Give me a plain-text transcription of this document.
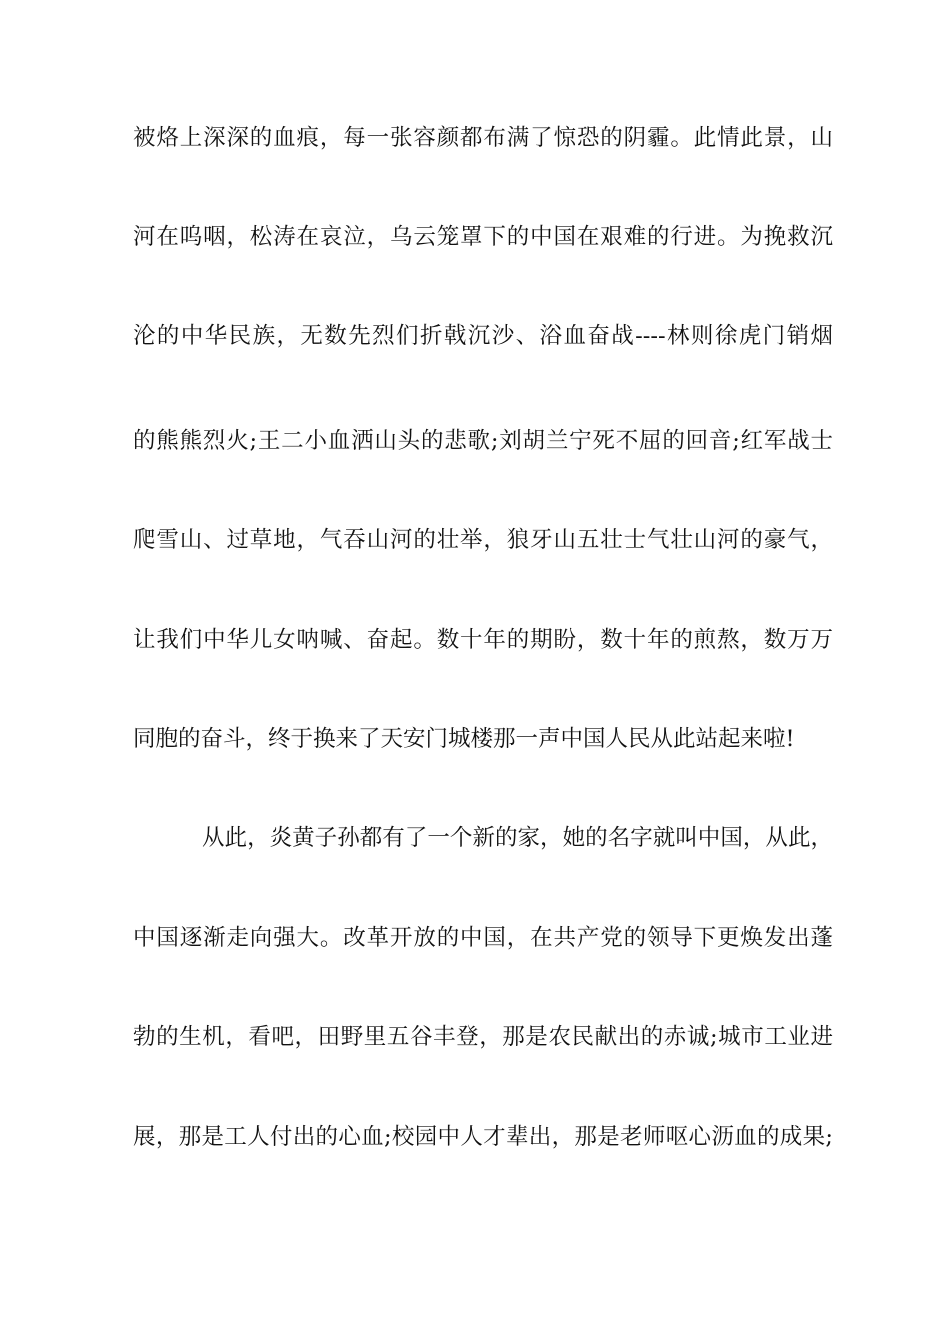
被烙上深深的血痕，每一张容颜都布满了惊恐的阴霾。此情此景，山
河在呜咽，松涛在哀泣，乌云笼罩下的中国在艰难的行进。为挽救沉
沦的中华民族，无数先烈们折戟沉沙、浴血奋战----林则徐虎门销烟
的熊熊烈火;王二小血洒山头的悲歌;刘胡兰宁死不屈的回音;红军战士
爬雪山、过草地，气吞山河的壮举，狼牙山五壮士气壮山河的豪气，
让我们中华儿女呐喊、奋起。数十年的期盼，数十年的煎熬，数万万
同胞的奋斗，终于换来了天安门城楼那一声中国人民从此站起来啦!
从此，炎黄子孙都有了一个新的家，她的名字就叫中国，从此，
中国逐渐走向强大。改革开放的中国，在共产党的领导下更焕发出蓬
勃的生机，看吧，田野里五谷丰登，那是农民献出的赤诚;城市工业进
展，那是工人付出的心血;校园中人才辈出，那是老师呕心沥血的成果;
